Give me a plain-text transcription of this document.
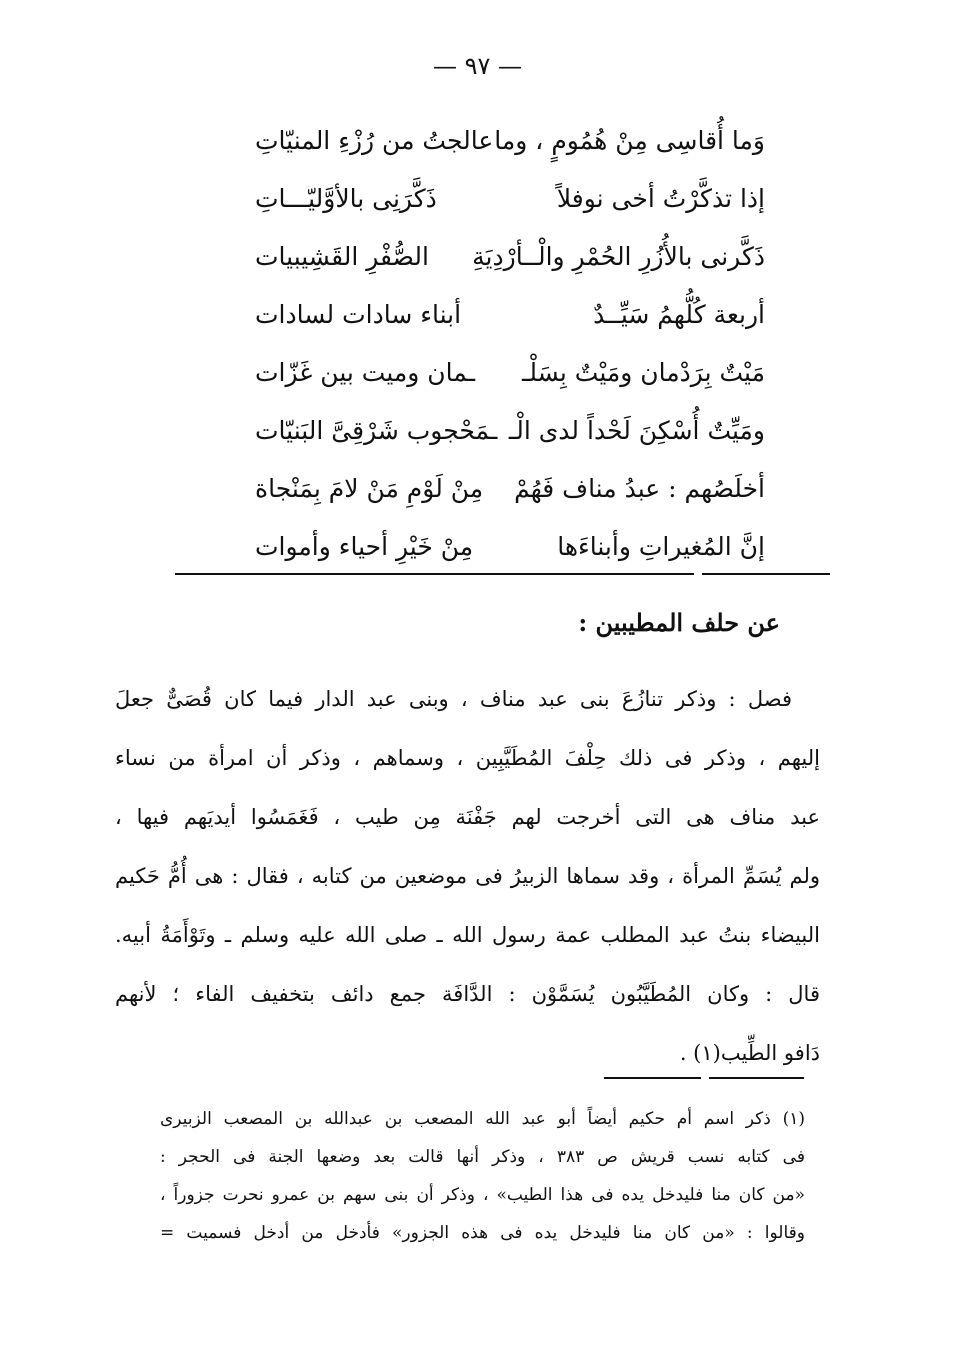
— ٩٧ —
وَما أُقاسِى مِنْ هُمُومٍ ، وما
عالجتُ من رُزْءِ المنيّاتِ
إذا تذكَّرْتُ أخى نوفلاً
ذَكَّرَنِى بالأوَّليّـــاتِ
ذَكَّرنى بالأُزُرِ الحُمْرِ والْــأرْدِيَةِ
الصُّفْرِ القَشِيبيات
أربعة كُلُّهمُ سَيِّــدٌ
أبناء سادات لسادات
مَيْتٌ بِرَدْمان ومَيْتٌ بِسَلْـ
ـمان وميت بين غَزّات
ومَيِّتٌ أُسْكِنَ لَحْداً لدى الْـ
ـمَحْجوب شَرْقِىَّ البَنيّات
أخلَصُهم : عبدُ مناف فَهُمْ
مِنْ لَوْمِ مَنْ لامَ بِمَنْجاة
إنَّ المُغيراتِ وأبناءَها
مِنْ خَيْرِ أحياء وأموات
عن حلف المطيبين :
فصل : وذكر تنازُعَ بنى عبد مناف ، وبنى عبد الدار فيما كان قُصَىٌّ جعلَ
إليهم ، وذكر فى ذلك حِلْفَ المُطَيَّبِين ، وسماهم ، وذكر أن امرأة من نساء
عبد مناف هى التى أخرجت لهم جَفْنَة مِن طيب ، فَغَمَسُوا أيديَهم فيها ،
ولم يُسَمِّ المرأة ، وقد سماها الزبيرُ فى موضعين من كتابه ، فقال : هى أُمُّ حَكيم
البيضاء بنتُ عبد المطلب عمة رسول الله ـ صلى الله عليه وسلم ـ وتَوْأَمَةُ أبيه.
قال : وكان المُطَيَّبُون يُسَمَّوْن : الدَّافَة جمع دائف بتخفيف الفاء ؛ لأنهم
دَافو الطِّيب(١) .
(١) ذكر اسم أم حكيم أيضاً أبو عبد الله المصعب بن عبدالله بن المصعب الزبيرى
فى كتابه نسب قريش ص ٣٨٣ ، وذكر أنها قالت بعد وضعها الجنة فى الحجر :
«من كان منا فليدخل يده فى هذا الطيب» ، وذكر أن بنى سهم بن عمرو نحرت جزوراً ،
وقالوا : «من كان منا فليدخل يده فى هذه الجزور» فأدخل من أدخل فسميت =
